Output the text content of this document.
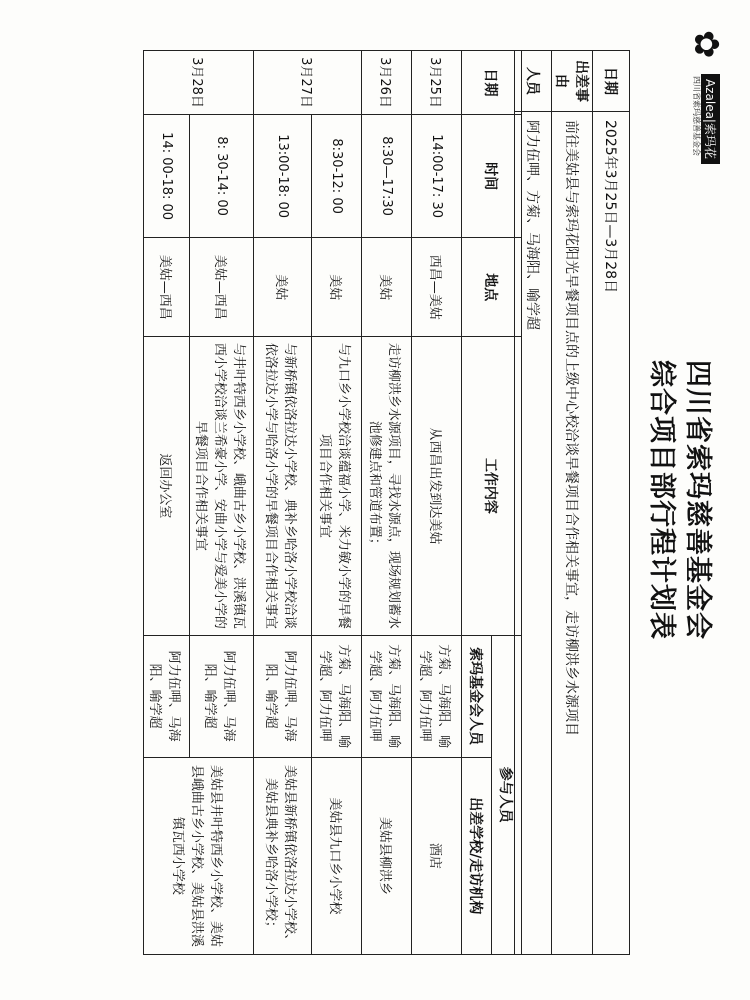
✿
Azalea|索玛花
四川省索玛慈善基金会
四川省索玛慈善基金会
综合项目部行程计划表
日期	2025年3月25日—3月28日
出差事由	前往美姑县与索玛花阳光早餐项目点的上级中心校洽谈早餐项目合作相关事宜，走访柳洪乡水源项目
人员	阿力伍呷、方菊、马海阳、喻学超
日期	时间	地点	工作内容	参与人员	
				索玛基金会人员	出差学校/走访机构
3月25日	14:00-17: 30	西昌—美姑	从西昌出发到达美姑	方菊、马海阳、喻学超、阿力伍呷	酒店
3月26日	8:30—17:30	美姑	走访柳洪乡水源项目，寻找水源点，现场规划蓄水池修建点和管道布置；	方菊、马海阳、喻学超、阿力伍呷	美姑县柳洪乡
3月27日	8:30-12: 00	美姑	与九口乡小学校洽谈蕴福小学、米力敏小学的早餐项目合作相关事宜	方菊、马海阳、喻学超、阿力伍呷	美姑县九口乡小学校
	13:00-18: 00	美姑	与新桥镇依洛拉达小学校、典补乡哈洛小学校洽谈依洛拉达小学与哈洛小学的早餐项目合作相关事宜	阿力伍呷、马海阳、喻学超	美姑县新桥镇依洛拉达小学校、美姑县典补乡哈洛小学校；
3月28日	8: 30-14: 00	美姑—西昌	与井叶特西乡小学校、峨曲古乡小学校、洪溪镇瓦西小学校洽谈兰希豪小学、安曲小学与爱美小学的早餐项目合作相关事宜	阿力伍呷、马海阳、喻学超	美姑县井叶特西乡小学校、美姑县峨曲古乡小学校、美姑县洪溪镇瓦西小学校
	14: 00-18: 00	美姑—西昌	返回办公室	阿力伍呷、马海阳、喻学超	
